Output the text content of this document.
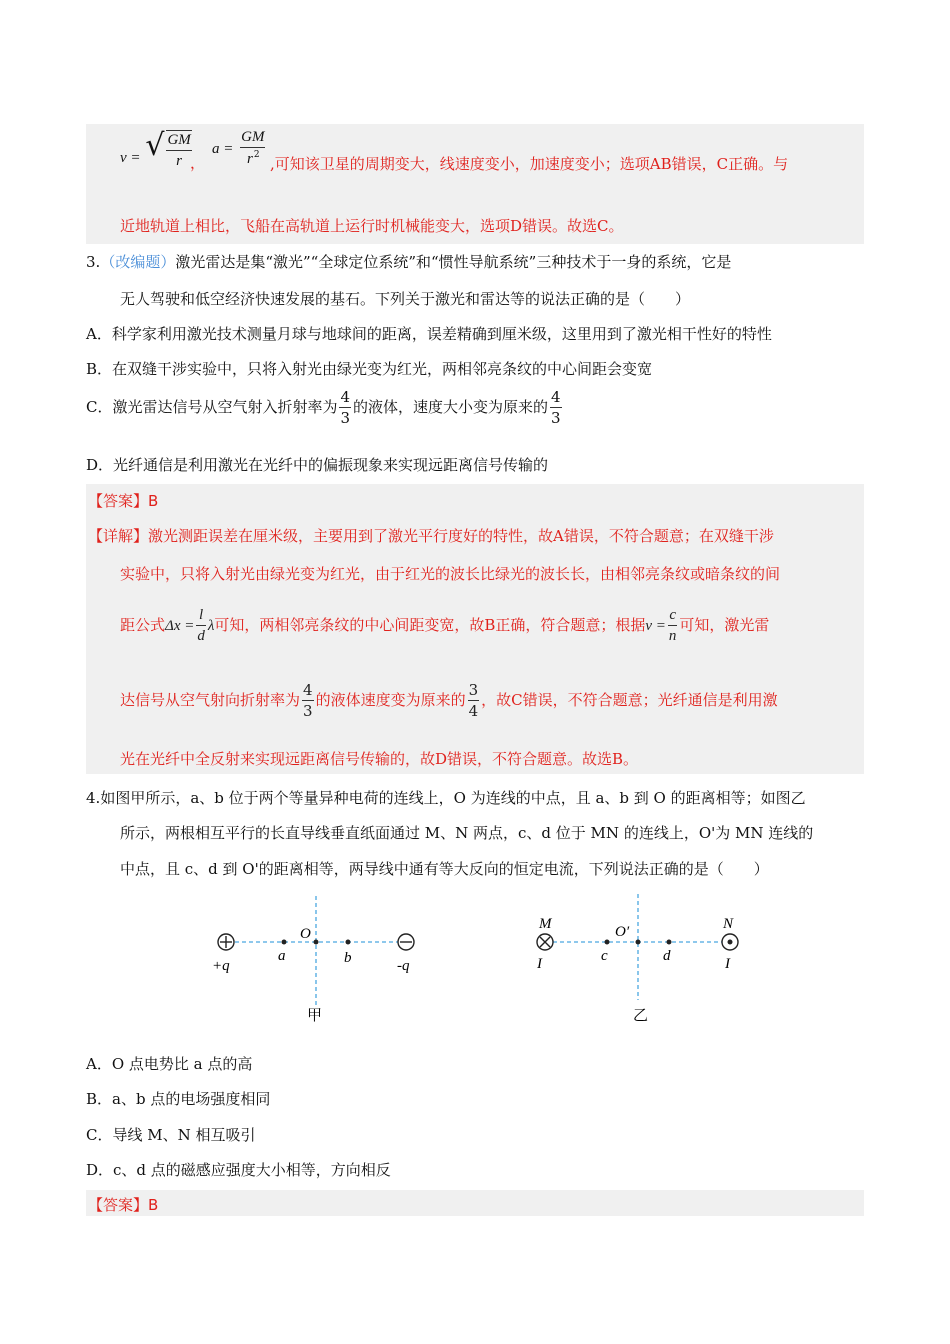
v = √ $\frac{GM}{r}$
，
$a = \frac{GM}{r^2}$ ,可知该卫星的周期变大，线速度变小，加速度变小；选项AB错误，C正确。与
近地轨道上相比，飞船在高轨道上运行时机械能变大，选项D错误。故选C。
3.（改编题）激光雷达是集“激光”“全球定位系统”和“惯性导航系统”三种技术于一身的系统，它是
无人驾驶和低空经济快速发展的基石。下列关于激光和雷达等的说法正确的是（　　）
A．科学家利用激光技术测量月球与地球间的距离，误差精确到厘米级，这里用到了激光相干性好的特性
B．在双缝干涉实验中，只将入射光由绿光变为红光，两相邻亮条纹的中心间距会变宽
C．激光雷达信号从空气射入折射率为 $\frac{4}{3}$ 的液体，速度大小变为原来的 $\frac{4}{3}$
D．光纤通信是利用激光在光纤中的偏振现象来实现远距离信号传输的
【答案】B
【详解】激光测距误差在厘米级，主要用到了激光平行度好的特性，故A错误，不符合题意；在双缝干涉
实验中，只将入射光由绿光变为红光，由于红光的波长比绿光的波长长，由相邻亮条纹或暗条纹的间
距公式$\Delta x = \frac{l}{d}$ λ可知，两相邻亮条纹的中心间距变宽，故B正确，符合题意；根据$v = \frac{c}{n}$ 可知，激光雷
达信号从空气射向折射率为 $\frac{4}{3}$ 的液体速度变为原来的 $\frac{3}{4}$ ，故C错误，不符合题意；光纤通信是利用激
光在光纤中全反射来实现远距离信号传输的，故D错误，不符合题意。故选B。
4.如图甲所示，a、b 位于两个等量异种电荷的连线上，O 为连线的中点，且 a、b 到 O 的距离相等；如图乙
所示，两根相互平行的长直导线垂直纸面通过 M、N 两点，c、d 位于 MN 的连线上，O'为 MN 连线的
中点，且 c、d 到 O'的距离相等，两导线中通有等大反向的恒定电流，下列说法正确的是（　　）
+q
a
O
b	-q
甲
M
I	c
O′
d
N
I
乙
A．O 点电势比 a 点的高
B．a、b 点的电场强度相同
C．导线 M、N 相互吸引
D．c、d 点的磁感应强度大小相等，方向相反
【答案】B
